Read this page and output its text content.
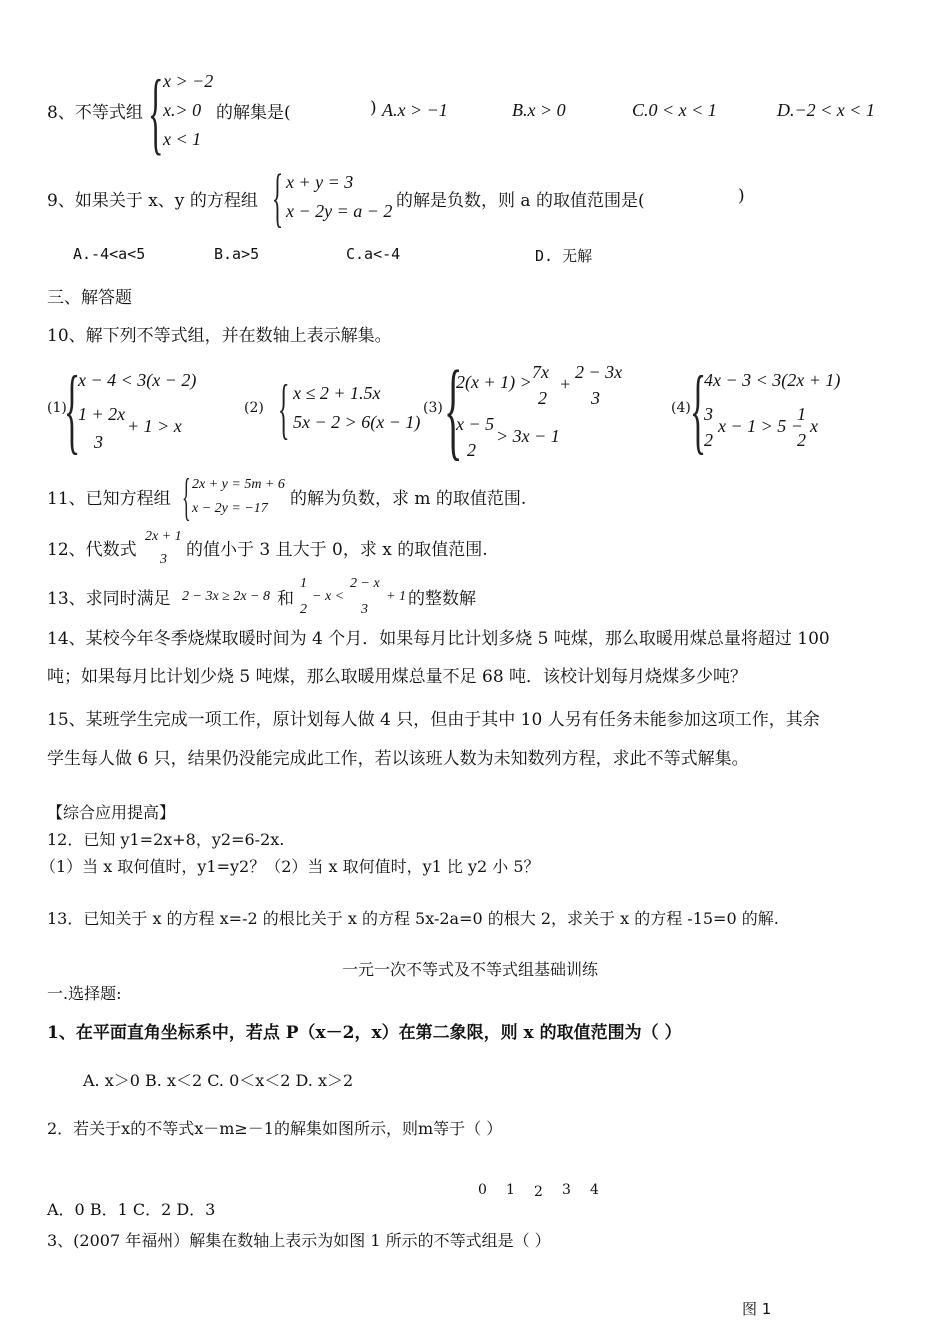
8、不等式组 { x > −2
x.> 0
x < 1
的解集是(	) A.x > −1	B.x > 0	C.0 < x < 1	D.−2 < x < 1
9、如果关于 x、y 的方程组 { x + y = 3
x − 2y = a − 2 的解是负数，则 a 的取值范围是(	)
A.-4<a<5	B.a>5	C.a<-4	D. 无解
三、解答题
10、解下列不等式组，并在数轴上表示解集。
(1)
{
x − 4 < 3(x − 2)
1 + 2x
+ 1 > x
3
(2) { x ≤ 2 + 1.5x
5x − 2 > 6(x − 1)
(3) {
2(x + 1) > 7x
2
+
2 − 3x
3
x − 5
> 3x − 1
2
(4) {
4x − 3 < 3(2x + 1)
3
x − 1 > 5 −
1
x
2	2
11、已知方程组 { 2x + y = 5m + 6
x − 2y = −17 的解为负数，求 m 的取值范围.
12、代数式
2x + 1
3 的值小于 3 且大于 0，求 x 的取值范围.
13、求同时满足 2 − 3x ≥ 2x − 8 和
1
2
− x <
2 − x
3
+ 1 的整数解
14、某校今年冬季烧煤取暖时间为 4 个月．如果每月比计划多烧 5 吨煤，那么取暖用煤总量将超过 100
吨；如果每月比计划少烧 5 吨煤，那么取暖用煤总量不足 68 吨．该校计划每月烧煤多少吨？
15、某班学生完成一项工作，原计划每人做 4 只，但由于其中 10 人另有任务未能参加这项工作，其余
学生每人做 6 只，结果仍没能完成此工作，若以该班人数为未知数列方程，求此不等式解集。
【综合应用提高】
12．已知 y1=2x+8，y2=6-2x.
（1）当 x 取何值时，y1=y2？（2）当 x 取何值时，y1 比 y2 小 5？
13．已知关于 x 的方程 x=-2 的根比关于 x 的方程 5x-2a=0 的根大 2，求关于 x 的方程 -15=0 的解.
一元一次不等式及不等式组基础训练
一.选择题:
1、在平面直角坐标系中，若点 P（x－2，x）在第二象限，则 x 的取值范围为（ ）
A. x＞0 B. x＜2 C. 0＜x＜2 D. x＞2
2．若关于x的不等式x－m≥－1的解集如图所示，则m等于（ ）
0 1 2 3 4
A．0 B．1 C．2 D．3
3、(2007 年福州）解集在数轴上表示为如图 1 所示的不等式组是（ ）
图 1
